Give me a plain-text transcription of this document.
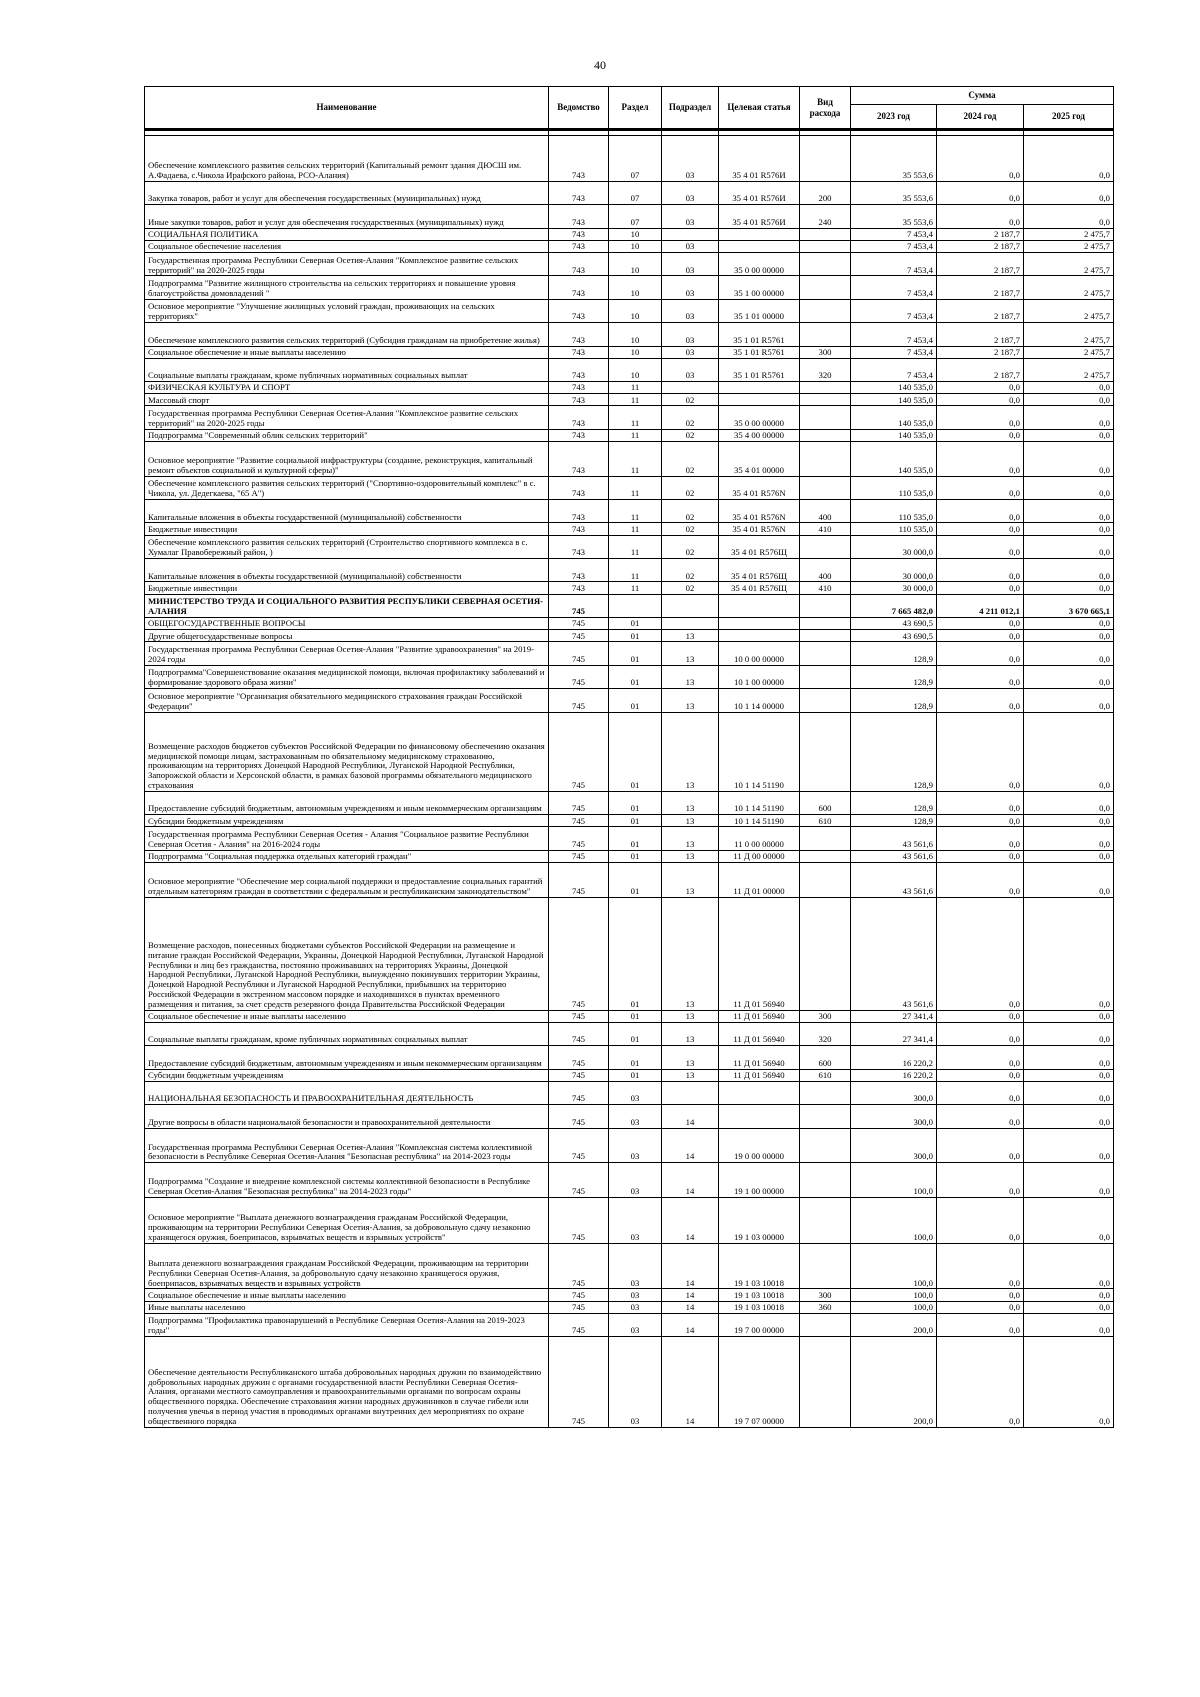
40
Наименование	Ведомство	Раздел	Подраздел	Целевая статья	Вид расхода	Сумма		
						2023 год	2024 год	2025 год

Обеспечение комплексного развития сельских территорий (Капитальный ремонт здания ДЮСШ им. А.Фадаева, с.Чикола Ирафского района, РСО-Алания)	743	07	03	35 4 01 R576И		35 553,6	0,0	0,0
Закупка товаров, работ и услуг для обеспечения государственных (муниципальных) нужд	743	07	03	35 4 01 R576И	200	35 553,6	0,0	0,0
Иные закупки товаров, работ и услуг для обеспечения государственных (муниципальных) нужд	743	07	03	35 4 01 R576И	240	35 553,6	0,0	0,0
СОЦИАЛЬНАЯ ПОЛИТИКА	743	10				7 453,4	2 187,7	2 475,7
Социальное обеспечение населения	743	10	03			7 453,4	2 187,7	2 475,7
Государственная программа Республики Северная Осетия-Алания "Комплексное развитие сельских территорий" на 2020-2025 годы	743	10	03	35 0 00 00000		7 453,4	2 187,7	2 475,7
Подпрограмма "Развитие жилищного строительства на сельских территориях и повышение уровня благоустройства домовладений "	743	10	03	35 1 00 00000		7 453,4	2 187,7	2 475,7
Основное мероприятие "Улучшение жилищных условий граждан, проживающих на сельских территориях"	743	10	03	35 1 01 00000		7 453,4	2 187,7	2 475,7
Обеспечение комплексного развития сельских территорий (Субсидия гражданам на приобретение жилья)	743	10	03	35 1 01 R5761		7 453,4	2 187,7	2 475,7
Социальное обеспечение и иные выплаты населению	743	10	03	35 1 01 R5761	300	7 453,4	2 187,7	2 475,7
Социальные выплаты гражданам, кроме публичных нормативных социальных выплат	743	10	03	35 1 01 R5761	320	7 453,4	2 187,7	2 475,7
ФИЗИЧЕСКАЯ КУЛЬТУРА И СПОРТ	743	11				140 535,0	0,0	0,0
Массовый спорт	743	11	02			140 535,0	0,0	0,0
Государственная программа Республики Северная Осетия-Алания "Комплексное развитие сельских территорий" на 2020-2025 годы	743	11	02	35 0 00 00000		140 535,0	0,0	0,0
Подпрограмма "Современный облик сельских территорий"	743	11	02	35 4 00 00000		140 535,0	0,0	0,0
Основное мероприятие "Развитие социальной инфраструктуры (создание, реконструкция, капитальный ремонт объектов социальной и культурной сферы)"	743	11	02	35 4 01 00000		140 535,0	0,0	0,0
Обеспечение комплексного развития сельских территорий ("Спортивно-оздоровительный комплекс" в с. Чикола, ул. Дедегкаева, "65 А")	743	11	02	35 4 01 R576N		110 535,0	0,0	0,0
Капитальные вложения в объекты государственной (муниципальной) собственности	743	11	02	35 4 01 R576N	400	110 535,0	0,0	0,0
Бюджетные инвестиции	743	11	02	35 4 01 R576N	410	110 535,0	0,0	0,0
Обеспечение комплексного развития сельских территорий (Строительство спортивного комплекса в с. Хумалаг Правобережный район, )	743	11	02	35 4 01 R576Щ		30 000,0	0,0	0,0
Капитальные вложения в объекты государственной (муниципальной) собственности	743	11	02	35 4 01 R576Щ	400	30 000,0	0,0	0,0
Бюджетные инвестиции	743	11	02	35 4 01 R576Щ	410	30 000,0	0,0	0,0
МИНИСТЕРСТВО ТРУДА И СОЦИАЛЬНОГО РАЗВИТИЯ РЕСПУБЛИКИ СЕВЕРНАЯ ОСЕТИЯ-АЛАНИЯ	745					7 665 482,0	4 211 012,1	3 670 665,1
ОБЩЕГОСУДАРСТВЕННЫЕ ВОПРОСЫ	745	01				43 690,5	0,0	0,0
Другие общегосударственные вопросы	745	01	13			43 690,5	0,0	0,0
Государственная программа Республики Северная Осетия-Алания "Развитие здравоохранения" на 2019-2024 годы	745	01	13	10 0 00 00000		128,9	0,0	0,0
Подпрограмма"Совершенствование оказания медицинской помощи, включая профилактику заболеваний и формирование здорового образа жизни"	745	01	13	10 1 00 00000		128,9	0,0	0,0
Основное мероприятие "Организация обязательного медицинского страхования граждан Российской Федерации"	745	01	13	10 1 14 00000		128,9	0,0	0,0
Возмещение расходов бюджетов субъектов Российской Федерации по финансовому обеспечению оказания медицинской помощи лицам, застрахованным по обязательному медицинскому страхованию, проживающим на территориях Донецкой Народной Республики, Луганской Народной Республики, Запорожской области и Херсонской области, в рамках базовой программы обязательного медицинского страхования	745	01	13	10 1 14 51190		128,9	0,0	0,0
Предоставление субсидий бюджетным, автономным учреждениям и иным некоммерческим организациям	745	01	13	10 1 14 51190	600	128,9	0,0	0,0
Субсидии бюджетным учреждениям	745	01	13	10 1 14 51190	610	128,9	0,0	0,0
Государственная программа Республики Северная Осетия - Алания "Социальное развитие Республики Северная Осетия - Алания" на 2016-2024 годы	745	01	13	11 0 00 00000		43 561,6	0,0	0,0
Подпрограмма "Социальная поддержка отдельных категорий граждан"	745	01	13	11 Д 00 00000		43 561,6	0,0	0,0
Основное мероприятие "Обеспечение мер социальной поддержки и предоставление социальных гарантий отдельным категориям граждан в соответствии с федеральным и республиканским законодательством"	745	01	13	11 Д 01 00000		43 561,6	0,0	0,0
Возмещение расходов, понесенных бюджетами субъектов Российской Федерации на размещение и питание граждан Российской Федерации, Украины, Донецкой Народной Республики, Луганской Народной Республики и лиц без гражданства, постоянно проживавших на территориях Украины, Донецкой Народной Республики, Луганской Народной Республики, вынужденно покинувших территории Украины, Донецкой Народной Республики и Луганской Народной Республики, прибывших на территорию Российской Федерации в экстренном массовом порядке и находившихся в пунктах временного размещения и питания, за счет средств резервного фонда Правительства Российской Федерации	745	01	13	11 Д 01 56940		43 561,6	0,0	0,0
Социальное обеспечение и иные выплаты населению	745	01	13	11 Д 01 56940	300	27 341,4	0,0	0,0
Социальные выплаты гражданам, кроме публичных нормативных социальных выплат	745	01	13	11 Д 01 56940	320	27 341,4	0,0	0,0
Предоставление субсидий бюджетным, автономным учреждениям и иным некоммерческим организациям	745	01	13	11 Д 01 56940	600	16 220,2	0,0	0,0
Субсидии бюджетным учреждениям	745	01	13	11 Д 01 56940	610	16 220,2	0,0	0,0
НАЦИОНАЛЬНАЯ БЕЗОПАСНОСТЬ И ПРАВООХРАНИТЕЛЬНАЯ ДЕЯТЕЛЬНОСТЬ	745	03				300,0	0,0	0,0
Другие вопросы в области национальной безопасности и правоохранительной деятельности	745	03	14			300,0	0,0	0,0
Государственная программа Республики Северная Осетия-Алания "Комплексная система коллективной безопасности в Республике Северная Осетия-Алания "Безопасная республика" на 2014-2023 годы	745	03	14	19 0 00 00000		300,0	0,0	0,0
Подпрограмма "Создание и внедрение комплексной системы коллективной безопасности в Республике Северная Осетия-Алания "Безопасная республика" на 2014-2023 годы"	745	03	14	19 1 00 00000		100,0	0,0	0,0
Основное мероприятие "Выплата денежного вознаграждения гражданам Российской Федерации, проживающим на территории Республики Северная Осетия-Алания, за добровольную сдачу незаконно хранящегося оружия, боеприпасов, взрывчатых веществ и взрывных устройств"	745	03	14	19 1 03 00000		100,0	0,0	0,0
Выплата денежного вознаграждения гражданам Российской Федерации, проживающим на территории Республики Северная Осетия-Алания, за добровольную сдачу незаконно хранящегося оружия, боеприпасов, взрывчатых веществ и взрывных устройств	745	03	14	19 1 03 10018		100,0	0,0	0,0
Социальное обеспечение и иные выплаты населению	745	03	14	19 1 03 10018	300	100,0	0,0	0,0
Иные выплаты населению	745	03	14	19 1 03 10018	360	100,0	0,0	0,0
Подпрограмма "Профилактика правонарушений в Республике Северная Осетия-Алания на 2019-2023 годы"	745	03	14	19 7 00 00000		200,0	0,0	0,0
Обеспечение деятельности Республиканского штаба добровольных народных дружин по взаимодействию добровольных народных дружин с органами государственной власти Республики Северная Осетия-Алания, органами местного самоуправления и правоохранительными органами по вопросам охраны общественного порядка. Обеспечение страхования жизни народных дружинников в случае гибели или получения увечья в период участия в проводимых органами внутренних дел мероприятиях по охране общественного порядка	745	03	14	19 7 07 00000		200,0	0,0	0,0
